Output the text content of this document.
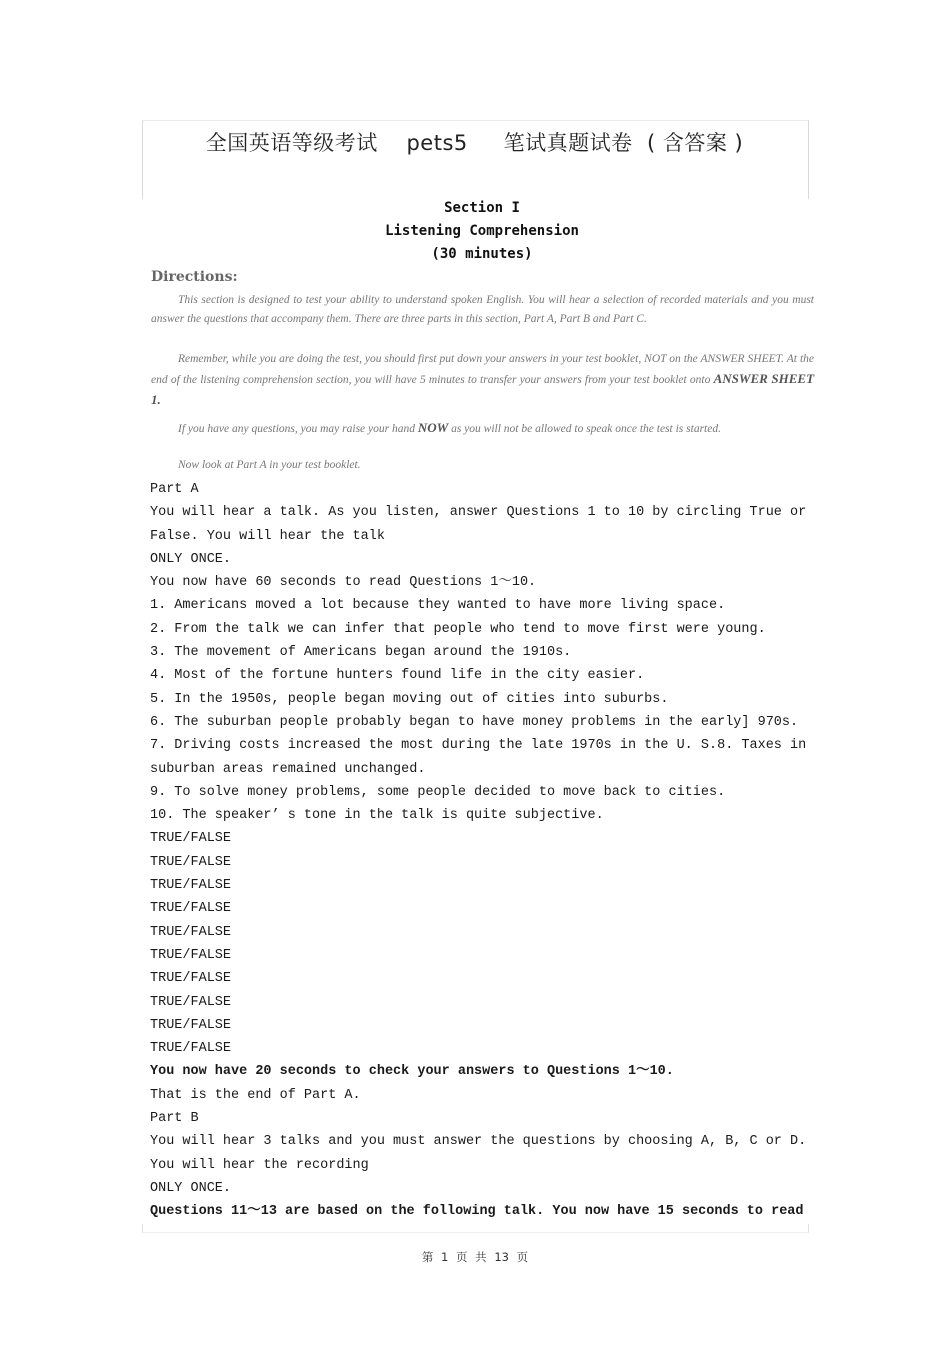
全国英语等级考试    pets5     笔试真题试卷  ( 含答案 )
Section I
Listening Comprehension
(30 minutes)
Directions:

This section is designed to test your ability to understand spoken English. You will hear a selection of recorded materials and you must answer the questions that accompany them. There are three parts in this section, Part A, Part B and Part C.

Remember, while you are doing the test, you should first put down your answers in your test booklet, NOT on the ANSWER SHEET. At the end of the listening comprehension section, you will have 5 minutes to transfer your answers from your test booklet onto ANSWER SHEET 1.

If you have any questions, you may raise your hand NOW as you will not be allowed to speak once the test is started.

Now look at Part A in your test booklet.

Part A
You will hear a talk. As you listen, answer Questions 1 to 10 by circling True or
False. You will hear the talk
ONLY ONCE.
You now have 60 seconds to read Questions 1～10.
1. Americans moved a lot because they wanted to have more living space.
2. From the talk we can infer that people who tend to move first were young.
3. The movement of Americans began around the 1910s.
4. Most of the fortune hunters found life in the city easier.
5. In the 1950s, people began moving out of cities into suburbs.
6. The suburban people probably began to have money problems in the early] 970s.
7. Driving costs increased the most during the late 1970s in the U. S.8. Taxes in
suburban areas remained unchanged.
9. To solve money problems, some people decided to move back to cities.
10. The speaker’ s tone in the talk is quite subjective.
TRUE/FALSE
TRUE/FALSE
TRUE/FALSE
TRUE/FALSE
TRUE/FALSE
TRUE/FALSE
TRUE/FALSE
TRUE/FALSE
TRUE/FALSE
TRUE/FALSE
You now have 20 seconds to check your answers to Questions 1～10.
That is the end of Part A.
Part B
You will hear 3 talks and you must answer the questions by choosing A, B, C or D.
You will hear the recording
ONLY ONCE.
Questions 11～13 are based on the following talk. You now have 15 seconds to read
第 1 页 共 13 页
